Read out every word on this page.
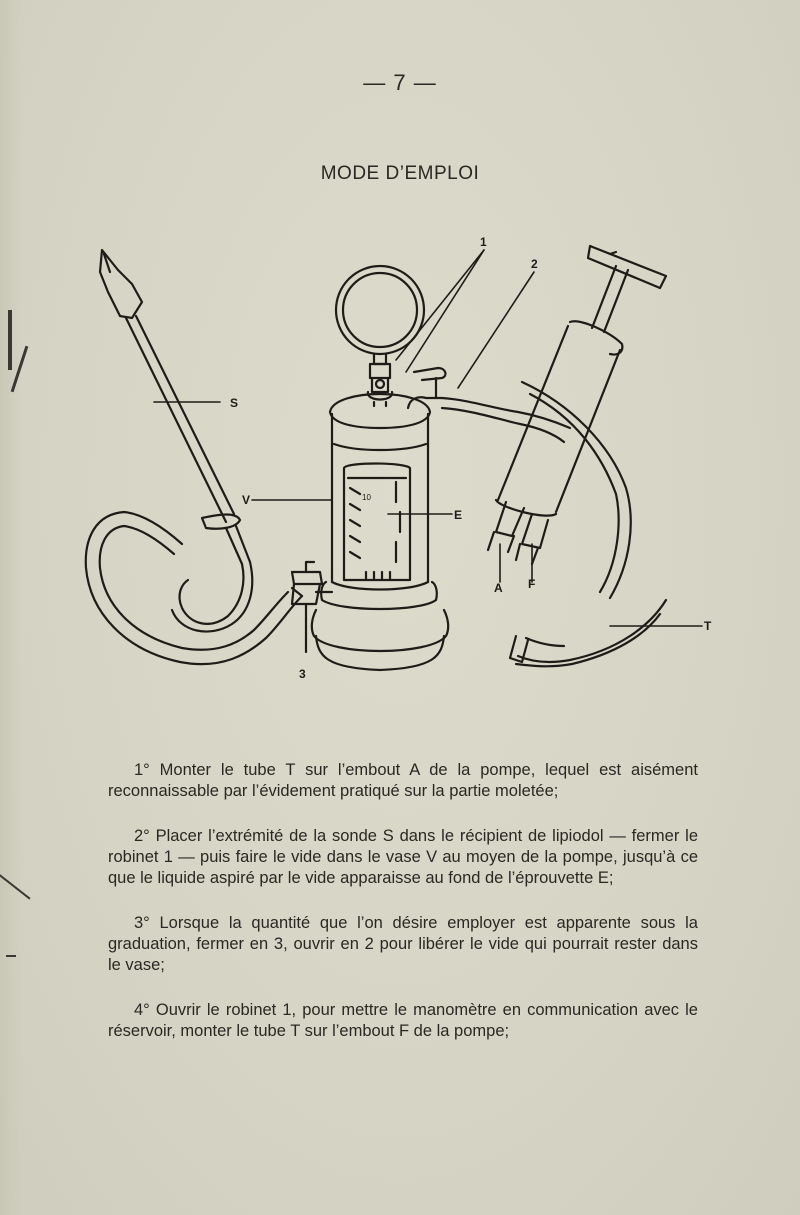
— 7 —
MODE D’EMPLOI
1
2
3
S
V
E
A F
T
10

1° Monter le tube T sur l’embout A de la pompe, lequel est aisément reconnaissable par l’évidement pratiqué sur la partie moletée;

2° Placer l’extrémité de la sonde S dans le récipient de lipiodol — fermer le robinet 1 — puis faire le vide dans le vase V au moyen de la pompe, jusqu’à ce que le liquide aspiré par le vide apparaisse au fond de l’éprouvette E;

3° Lorsque la quantité que l’on désire employer est apparente sous la graduation, fermer en 3, ouvrir en 2 pour libérer le vide qui pourrait rester dans le vase;

4° Ouvrir le robinet 1, pour mettre le manomètre en communication avec le réservoir, monter le tube T sur l’embout F de la pompe;
